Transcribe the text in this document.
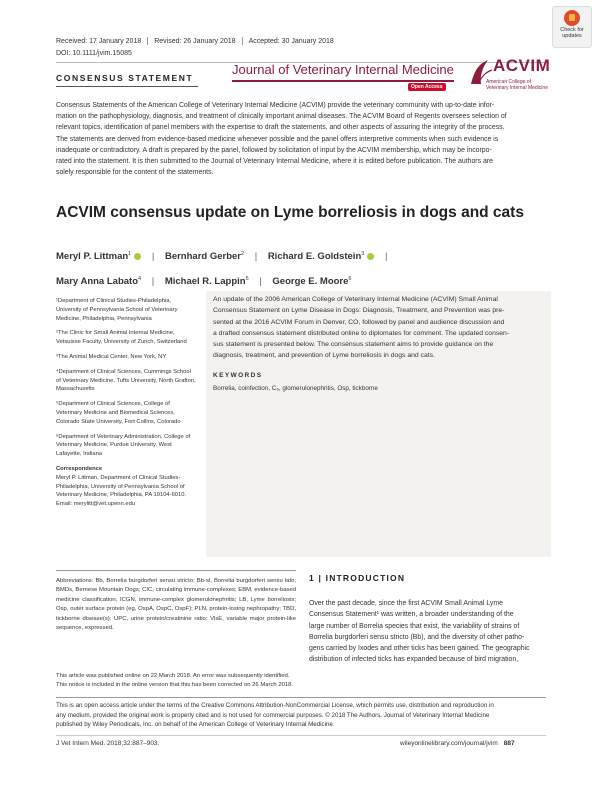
Check for
updates
Received: 17 January 2018 Revised: 26 January 2018 Accepted: 30 January 2018
DOI: 10.1111/jvim.15085
CONSENSUS STATEMENT
Journal of Veterinary Internal Medicine
Open Access
ACVIM
American College of
Veterinary Internal Medicine
Consensus Statements of the American College of Veterinary Internal Medicine (ACVIM) provide the veterinary community with up-to-date infor-
mation on the pathophysiology, diagnosis, and treatment of clinically important animal diseases. The ACVIM Board of Regents oversees selection of
relevant topics, identification of panel members with the expertise to draft the statements, and other aspects of assuring the integrity of the process.
The statements are derived from evidence-based medicine whenever possible and the panel offers interpretive comments when such evidence is
inadequate or contradictory. A draft is prepared by the panel, followed by solicitation of input by the ACVIM membership, which may be incorpo-
rated into the statement. It is then submitted to the Journal of Veterinary Internal Medicine, where it is edited before publication. The authors are
solely responsible for the content of the statements.
ACVIM consensus update on Lyme borreliosis in dogs and cats
Meryl P. Littman$^1$ | Bernhard Gerber$^2$ | Richard E. Goldstein$^3$ |
Mary Anna Labato$^4$ | Michael R. Lappin$^5$ | George E. Moore$^6$
¹Department of Clinical Studies-Philadelphia, University of Pennsylvania School of Veterinary Medicine, Philadelphia, Pennsylvania
²The Clinic for Small Animal Internal Medicine, Vetsuisse Faculty, University of Zurich, Switzerland
³The Animal Medical Center, New York, NY
⁴Department of Clinical Sciences, Cummings School of Veterinary Medicine, Tufts University, North Grafton, Massachusetts
⁵Department of Clinical Sciences, College of Veterinary Medicine and Biomedical Sciences, Colorado State University, Fort Collins, Colorado
⁶Department of Veterinary Administration, College of Veterinary Medicine, Purdue University, West Lafayette, Indiana
Correspondence
Meryl P. Littman, Department of Clinical Studies-Philadelphia, University of Pennsylvania School of Veterinary Medicine, Philadelphia, PA 19104-6010.
Email: merylitt@vet.upenn.edu
An update of the 2006 American College of Veterinary Internal Medicine (ACVIM) Small Animal
Consensus Statement on Lyme Disease in Dogs: Diagnosis, Treatment, and Prevention was pre-
sented at the 2016 ACVIM Forum in Denver, CO, followed by panel and audience discussion and
a drafted consensus statement distributed online to diplomates for comment. The updated consen-
sus statement is presented below. The consensus statement aims to provide guidance on the
diagnosis, treatment, and prevention of Lyme borreliosis in dogs and cats.
KEYWORDS
Borrelia, coinfection, C₆, glomerulonephritis, Osp, tickborne
Abbreviations: Bb, Borrelia burgdorferi sensu stricto; Bb-sl, Borrelia burgdorferi sensu lato; BMDs, Bernese Mountain Dogs; CIC, circulating immune-complexes; EBM, evidence-based medicine classification; ICGN, immune-complex glomerulonephritis; LB, Lyme borreliosis; Osp, outer surface protein (eg, OspA, OspC, OspF); PLN, protein-losing nephropathy; TBD, tickborne disease(s); UPC, urine protein/creatinine ratio; VlsE, variable major protein-like sequence, expressed.
This article was published online on 22 March 2018. An error was subsequently identified. This notice is included in the online version that this has been corrected on 26 March 2018.
1 | INTRODUCTION
Over the past decade, since the first ACVIM Small Animal Lyme
Consensus Statement¹ was written, a broader understanding of the
large number of Borrelia species that exist, the variability of strains of
Borrelia burgdorferi sensu stricto (Bb), and the diversity of other patho-
gens carried by Ixodes and other ticks has been gained. The geographic
distribution of infected ticks has expanded because of bird migration,
This is an open access article under the terms of the Creative Commons Attribution-NonCommercial License, which permits use, distribution and reproduction in
any medium, provided the original work is properly cited and is not used for commercial purposes. © 2018 The Authors. Journal of Veterinary Internal Medicine
published by Wiley Periodicals, Inc. on behalf of the American College of Veterinary Internal Medicine.
J Vet Intern Med. 2018;32:887–903.	wileyonlinelibrary.com/journal/jvim 887
